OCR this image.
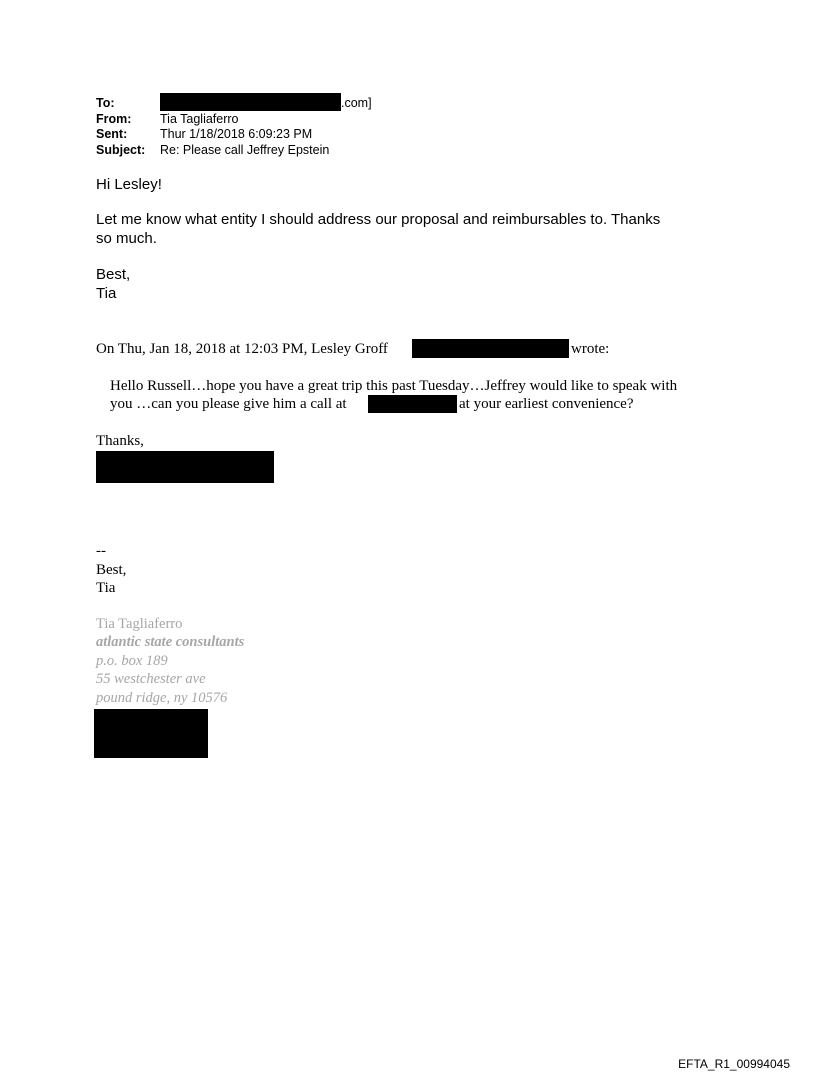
To:	.com]
From: Tia Tagliaferro
Sent:	Thur 1/18/2018 6:09:23 PM
Subject: Re: Please call Jeffrey Epstein
Hi Lesley!
Let me know what entity I should address our proposal and reimbursables to. Thanks
so much.
Best,
Tia
On Thu, Jan 18, 2018 at 12:03 PM, Lesley Groff	wrote:
Hello Russell…hope you have a great trip this past Tuesday…Jeffrey would like to speak with
you …can you please give him a call at	at your earliest convenience?
Thanks,
--
Best,
Tia
Tia Tagliaferro
atlantic state consultants
p.o. box 189
55 westchester ave
pound ridge, ny 10576
EFTA_R1_00994045
